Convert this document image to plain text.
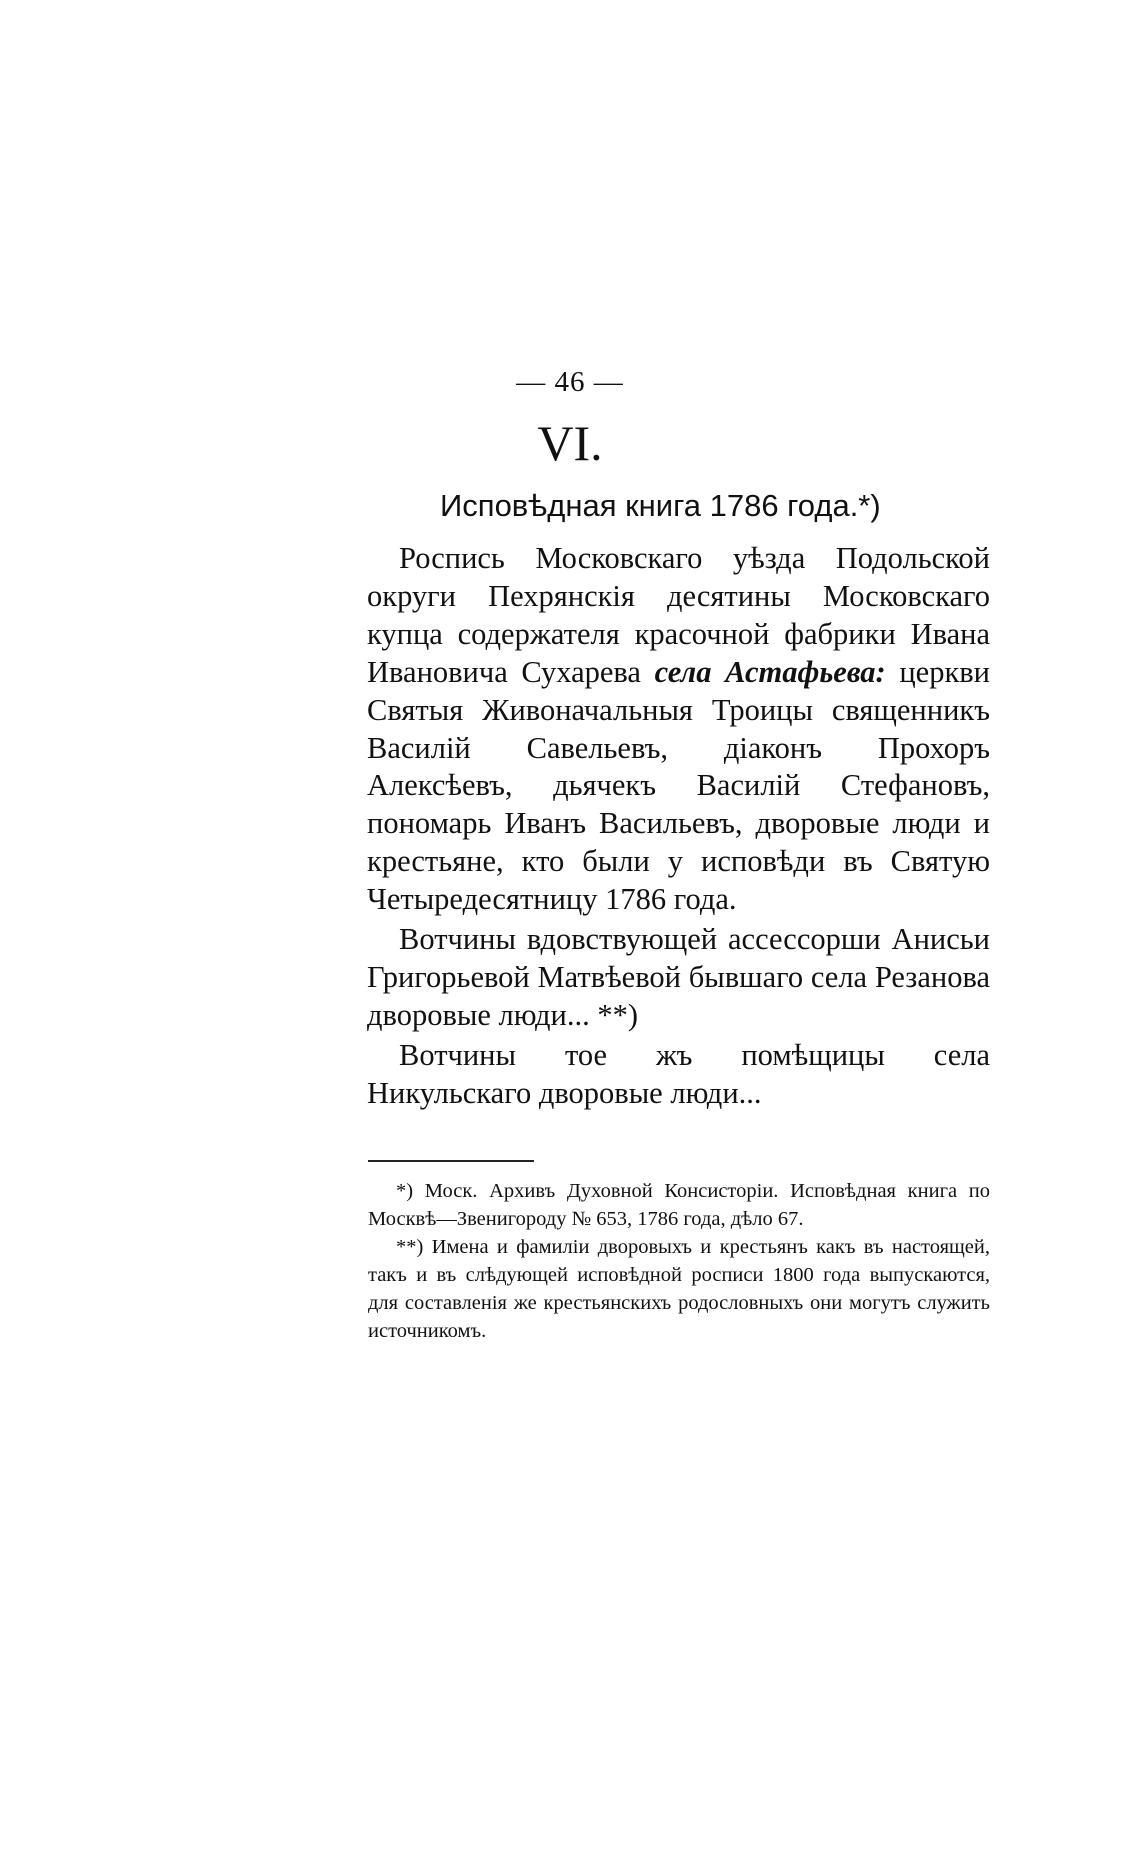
— 46 —
VI.
Исповѣдная книга 1786 года.*)

Роспись Московскаго уѣзда Подольской округи Пехрянскія десятины Московскаго купца содержателя красочной фабрики Ивана Ивановича Сухарева села Астафьева: церкви Святыя Живоначальныя Троицы священникъ Василій Савельевъ, діаконъ Прохоръ Алексѣевъ, дьячекъ Василій Стефановъ, пономарь Иванъ Васильевъ, дворовые люди и крестьяне, кто были у исповѣди въ Святую Четыредесятницу 1786 года.

Вотчины вдовствующей ассессорши Анисьи Григорьевой Матвѣевой бывшаго села Резанова дворовые люди... **)

Вотчины тое жъ помѣщицы села Никульскаго дворовые люди...

*) Моск. Архивъ Духовной Консисторіи. Исповѣдная книга по Москвѣ—Звенигороду № 653, 1786 года, дѣло 67.

**) Имена и фамиліи дворовыхъ и крестьянъ какъ въ настоящей, такъ и въ слѣдующей исповѣдной росписи 1800 года выпускаются, для составленія же крестьянскихъ родословныхъ они могутъ служить источникомъ.
